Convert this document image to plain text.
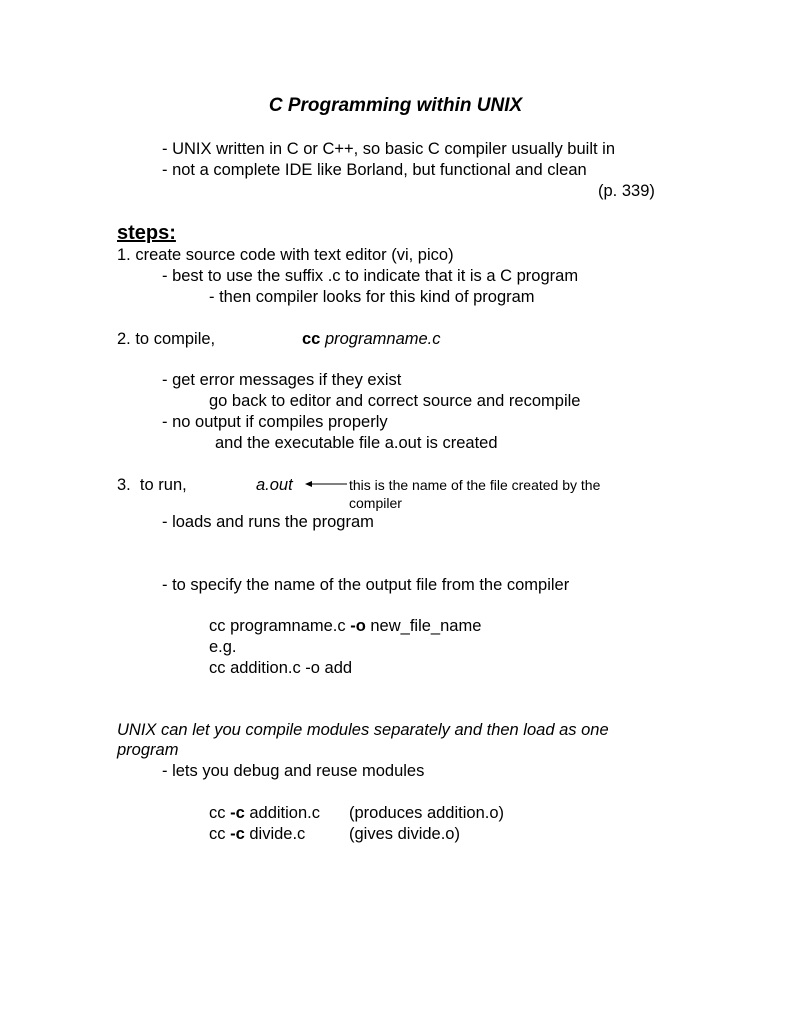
C Programming within UNIX
- UNIX written in C or C++, so basic C compiler usually built in
- not a complete IDE like Borland, but functional and clean
(p. 339)
steps:
1. create source code with text editor (vi, pico)
- best to use the suffix .c to indicate that it is a C program
- then compiler looks for this kind of program
2. to compile,	cc programname.c
- get error messages if they exist
go back to editor and correct source and recompile
- no output if compiles properly
and the executable file a.out is created
3.  to run,	a.out	this is the name of the file created by the
compiler
- loads and runs the program
- to specify the name of the output file from the compiler
cc programname.c -o new_file_name
e.g.
cc addition.c -o add
UNIX can let you compile modules separately and then load as one
program
- lets you debug and reuse modules
cc -c addition.c (produces addition.o)
cc -c divide.c	(gives divide.o)
